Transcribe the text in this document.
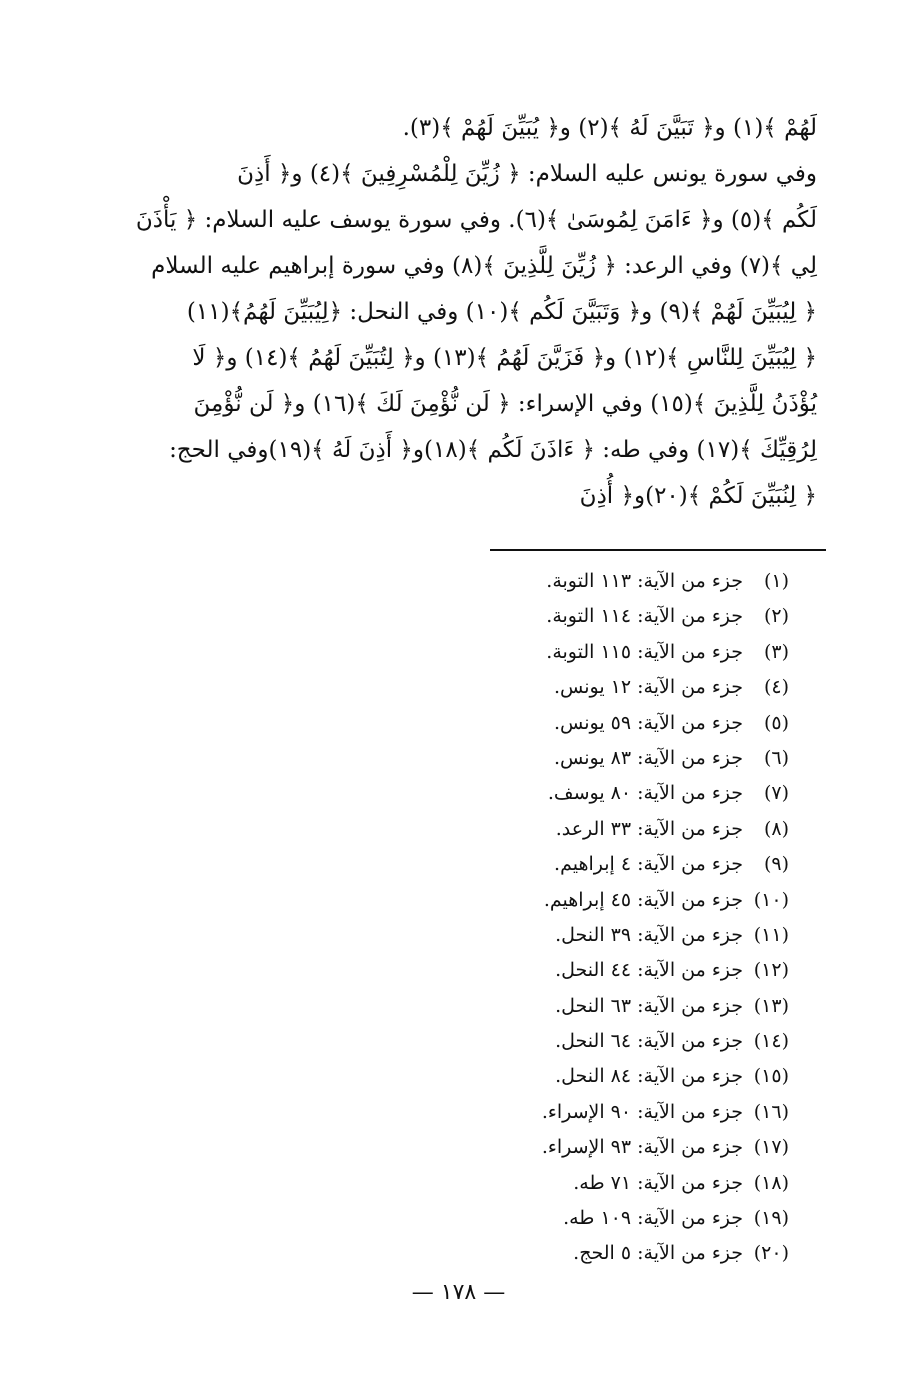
لَهُمْ ﴾(١) و﴿ تَبَيَّنَ لَهُ ﴾(٢) و﴿ يُبَيِّنَ لَهُمْ ﴾(٣).
وفي سورة يونس عليه السلام: ﴿ زُيِّنَ لِلْمُسْرِفِينَ ﴾(٤) و﴿ أَذِنَ
لَكُم ﴾(٥) و﴿ ءَامَنَ لِمُوسَىٰ ﴾(٦). وفي سورة يوسف عليه السلام: ﴿ يَأْذَنَ
لِي ﴾(٧) وفي الرعد: ﴿ زُيِّنَ لِلَّذِينَ ﴾(٨) وفي سورة إبراهيم عليه السلام
﴿ لِيُبَيِّنَ لَهُمْ ﴾(٩) و﴿ وَتَبَيَّنَ لَكُم ﴾(١٠) وفي النحل: ﴿لِيُبَيِّنَ لَهُمُ﴾(١١)
﴿ لِيُبَيِّنَ لِلنَّاسِ ﴾(١٢) و﴿ فَزَيَّنَ لَهُمُ ﴾(١٣) و﴿ لِتُبَيِّنَ لَهُمُ ﴾(١٤) و﴿ لَا
يُؤْذَنُ لِلَّذِينَ ﴾(١٥) وفي الإسراء: ﴿ لَن نُّؤْمِنَ لَكَ ﴾(١٦) و﴿ لَن نُّؤْمِنَ
لِرُقِيِّكَ ﴾(١٧) وفي طه: ﴿ ءَاذَنَ لَكُم ﴾(١٨)و﴿ أَذِنَ لَهُ ﴾(١٩)وفي الحج:
﴿ لِنُبَيِّنَ لَكُمْ ﴾(٢٠)و﴿ أُذِنَ
(١)جزء من الآية: ١١٣ التوبة.
(٢)جزء من الآية: ١١٤ التوبة.
(٣)جزء من الآية: ١١٥ التوبة.
(٤)جزء من الآية: ١٢ يونس.
(٥)جزء من الآية: ٥٩ يونس.
(٦)جزء من الآية: ٨٣ يونس.
(٧)جزء من الآية: ٨٠ يوسف.
(٨)جزء من الآية: ٣٣ الرعد.
(٩)جزء من الآية: ٤ إبراهيم.
(١٠)جزء من الآية: ٤٥ إبراهيم.
(١١)جزء من الآية: ٣٩ النحل.
(١٢)جزء من الآية: ٤٤ النحل.
(١٣)جزء من الآية: ٦٣ النحل.
(١٤)جزء من الآية: ٦٤ النحل.
(١٥)جزء من الآية: ٨٤ النحل.
(١٦)جزء من الآية: ٩٠ الإسراء.
(١٧)جزء من الآية: ٩٣ الإسراء.
(١٨)جزء من الآية: ٧١ طه.
(١٩)جزء من الآية: ١٠٩ طه.
(٢٠)جزء من الآية: ٥ الحج.
— ١٧٨ —
